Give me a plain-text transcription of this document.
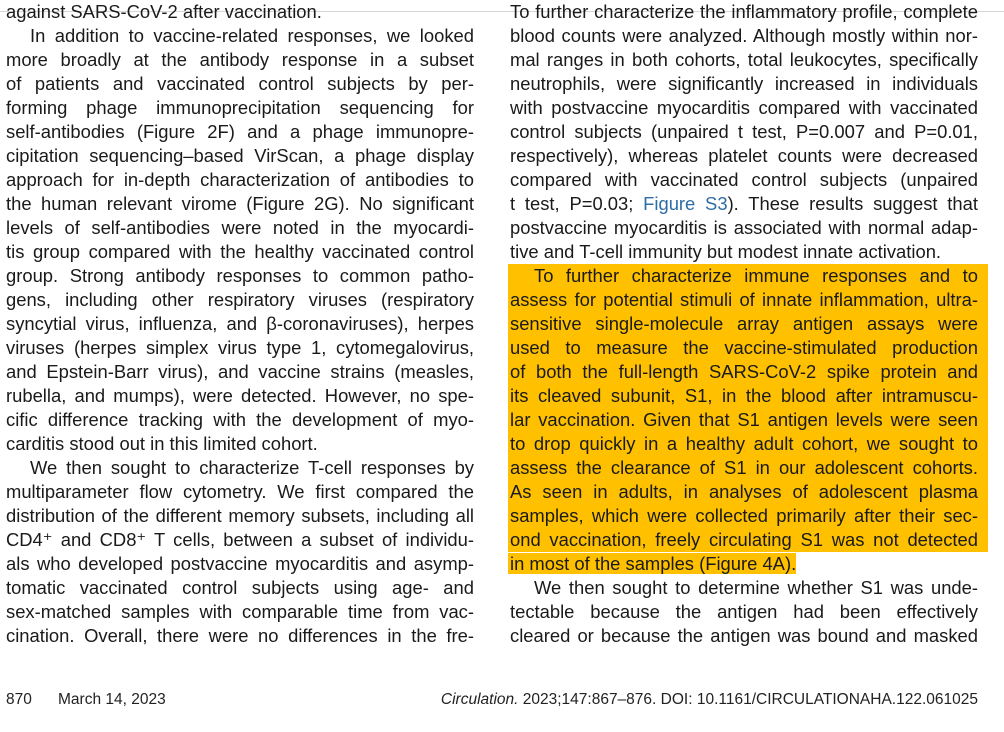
against SARS-CoV-2 after vaccination.
In addition to vaccine-related responses, we looked
more broadly at the antibody response in a subset
of patients and vaccinated control subjects by per-
forming phage immunoprecipitation sequencing for
self-antibodies (Figure 2F) and a phage immunopre-
cipitation sequencing–based VirScan, a phage display
approach for in-depth characterization of antibodies to
the human relevant virome (Figure 2G). No significant
levels of self-antibodies were noted in the myocardi-
tis group compared with the healthy vaccinated control
group. Strong antibody responses to common patho-
gens, including other respiratory viruses (respiratory
syncytial virus, influenza, and β-coronaviruses), herpes
viruses (herpes simplex virus type 1, cytomegalovirus,
and Epstein-Barr virus), and vaccine strains (measles,
rubella, and mumps), were detected. However, no spe-
cific difference tracking with the development of myo-
carditis stood out in this limited cohort.
We then sought to characterize T-cell responses by
multiparameter flow cytometry. We first compared the
distribution of the different memory subsets, including all
CD4⁺ and CD8⁺ T cells, between a subset of individu-
als who developed postvaccine myocarditis and asymp-
tomatic vaccinated control subjects using age- and
sex-matched samples with comparable time from vac-
cination. Overall, there were no differences in the fre-
To further characterize the inflammatory profile, complete
blood counts were analyzed. Although mostly within nor-
mal ranges in both cohorts, total leukocytes, specifically
neutrophils, were significantly increased in individuals
with postvaccine myocarditis compared with vaccinated
control subjects (unpaired t test, P=0.007 and P=0.01,
respectively), whereas platelet counts were decreased
compared with vaccinated control subjects (unpaired
t test, P=0.03; Figure S3). These results suggest that
postvaccine myocarditis is associated with normal adap-
tive and T-cell immunity but modest innate activation.
To further characterize immune responses and to
assess for potential stimuli of innate inflammation, ultra-
sensitive single-molecule array antigen assays were
used to measure the vaccine-stimulated production
of both the full-length SARS-CoV-2 spike protein and
its cleaved subunit, S1, in the blood after intramuscu-
lar vaccination. Given that S1 antigen levels were seen
to drop quickly in a healthy adult cohort, we sought to
assess the clearance of S1 in our adolescent cohorts.
As seen in adults, in analyses of adolescent plasma
samples, which were collected primarily after their sec-
ond vaccination, freely circulating S1 was not detected
in most of the samples (Figure 4A).
We then sought to determine whether S1 was unde-
tectable because the antigen had been effectively
cleared or because the antigen was bound and masked
870 March 14, 2023	Circulation. 2023;147:867–876. DOI: 10.1161/CIRCULATIONAHA.122.061025
